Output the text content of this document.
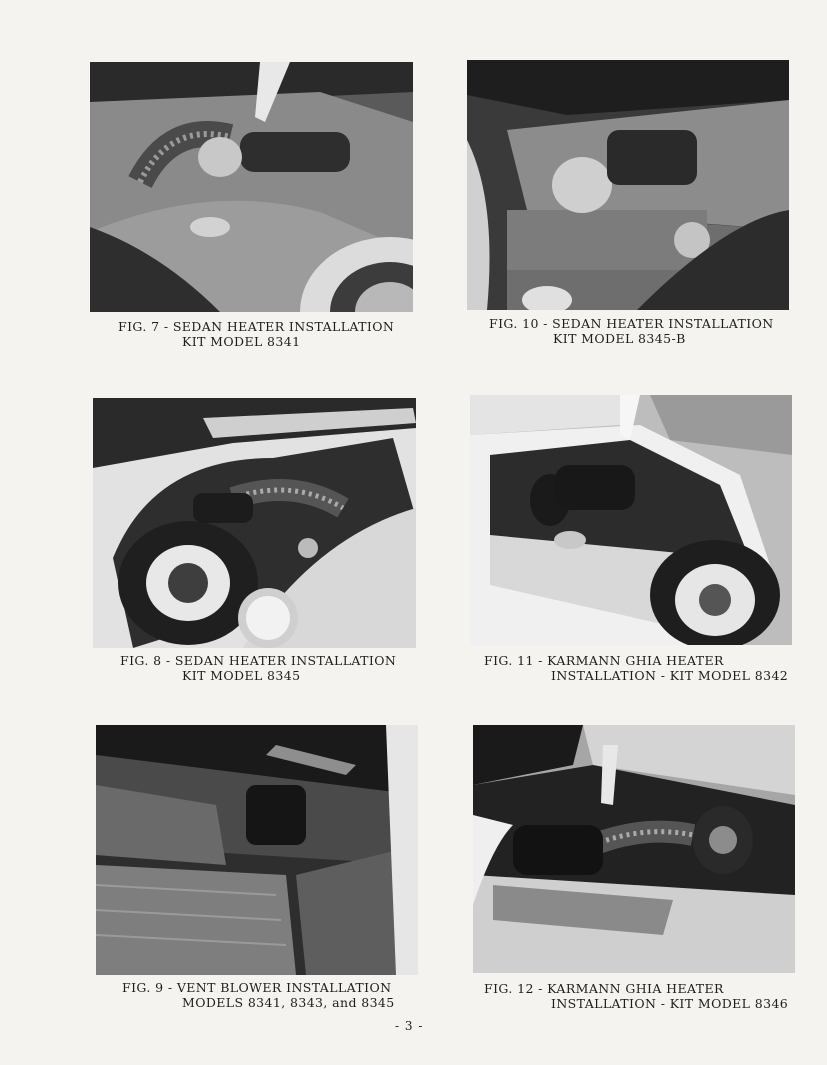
FIG. 7 - SEDAN HEATER INSTALLATION
KIT MODEL 8341
FIG. 10 - SEDAN HEATER INSTALLATION
KIT MODEL 8345-B
FIG. 8 - SEDAN HEATER INSTALLATION
KIT MODEL 8345
FIG. 11 - KARMANN GHIA HEATER
INSTALLATION - KIT MODEL 8342
FIG. 9 - VENT BLOWER INSTALLATION
MODELS 8341, 8343, and 8345
FIG. 12 - KARMANN GHIA HEATER
INSTALLATION - KIT MODEL 8346
- 3 -
